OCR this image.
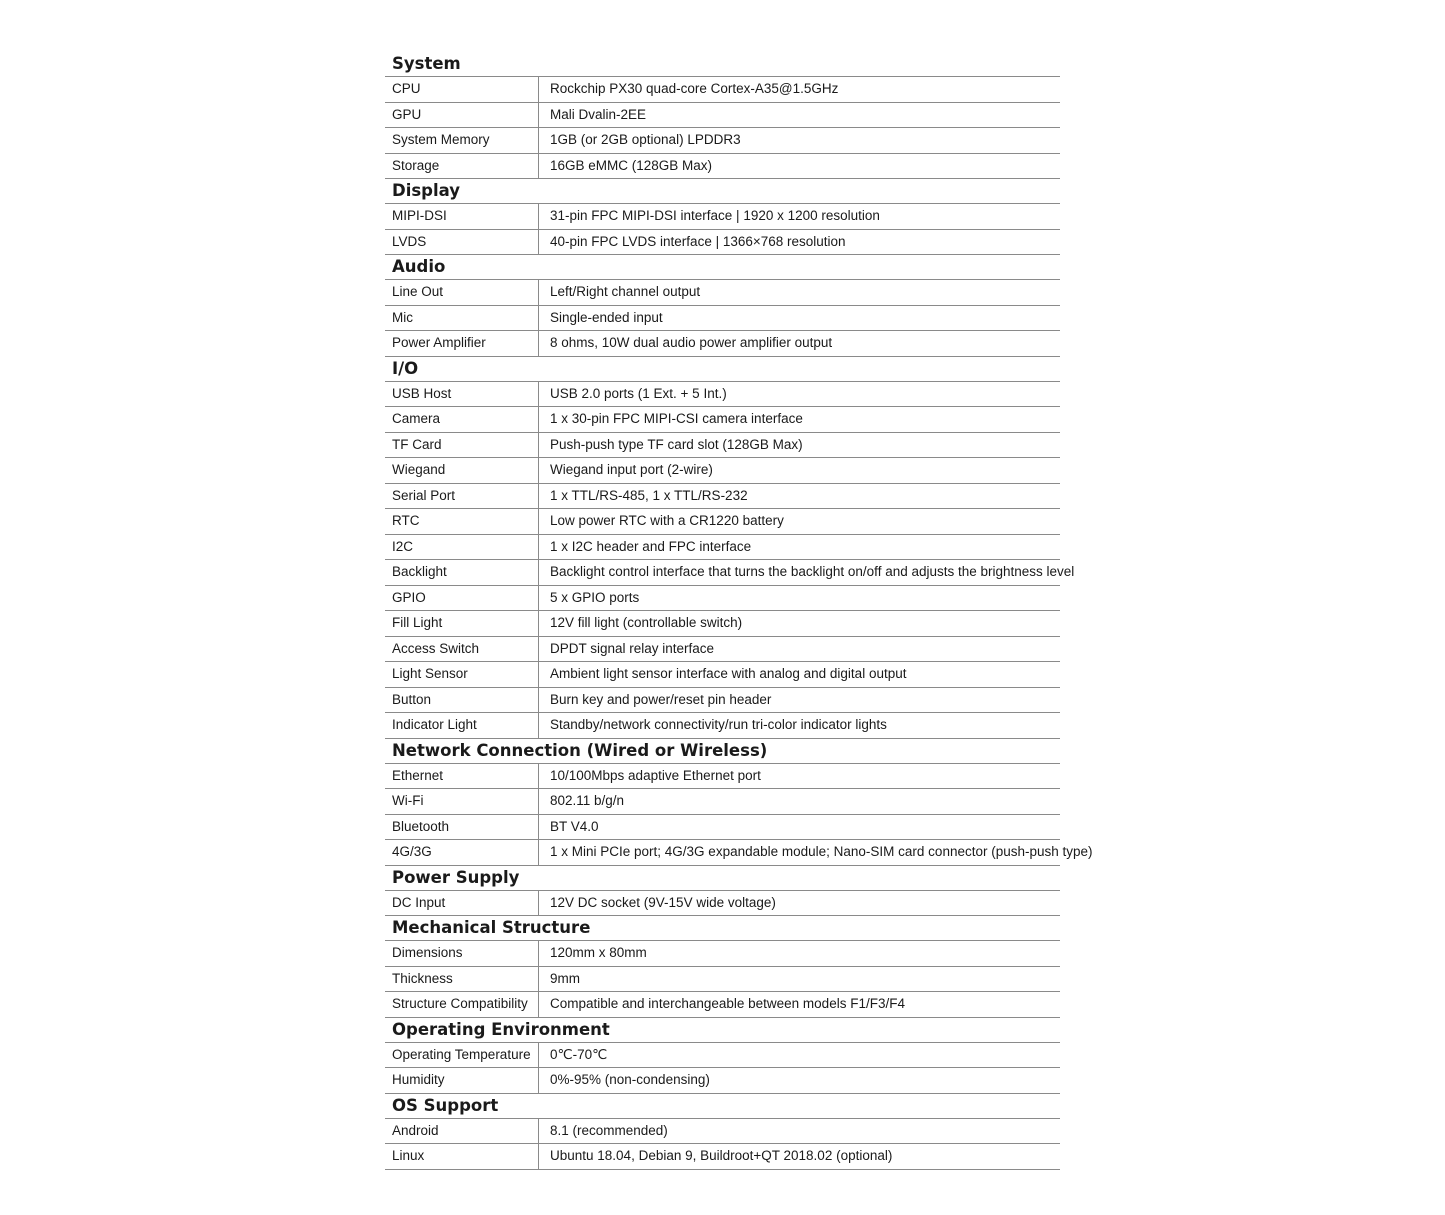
System
CPU	Rockchip PX30 quad-core Cortex-A35@1.5GHz
GPU	Mali Dvalin-2EE
System Memory	1GB (or 2GB optional) LPDDR3
Storage	16GB eMMC (128GB Max)
Display
MIPI-DSI	31-pin FPC MIPI-DSI interface | 1920 x 1200 resolution
LVDS	40-pin FPC LVDS interface | 1366×768 resolution
Audio
Line Out	Left/Right channel output
Mic	Single-ended input
Power Amplifier	8 ohms, 10W dual audio power amplifier output
I/O
USB Host	USB 2.0 ports (1 Ext. + 5 Int.)
Camera	1 x 30-pin FPC MIPI-CSI camera interface
TF Card	Push-push type TF card slot (128GB Max)
Wiegand	Wiegand input port (2-wire)
Serial Port	1 x TTL/RS-485, 1 x TTL/RS-232
RTC	Low power RTC with a CR1220 battery
I2C	1 x I2C header and FPC interface
Backlight	Backlight control interface that turns the backlight on/off and adjusts the brightness level
GPIO	5 x GPIO ports
Fill Light	12V fill light (controllable switch)
Access Switch	DPDT signal relay interface
Light Sensor	Ambient light sensor interface with analog and digital output
Button	Burn key and power/reset pin header
Indicator Light	Standby/network connectivity/run tri-color indicator lights
Network Connection (Wired or Wireless)
Ethernet	10/100Mbps adaptive Ethernet port
Wi-Fi	802.11 b/g/n
Bluetooth	BT V4.0
4G/3G	1 x Mini PCIe port; 4G/3G expandable module; Nano-SIM card connector (push-push type)
Power Supply
DC Input	12V DC socket (9V-15V wide voltage)
Mechanical Structure
Dimensions	120mm x 80mm
Thickness	9mm
Structure Compatibility	Compatible and interchangeable between models F1/F3/F4
Operating Environment
Operating Temperature	0℃-70℃
Humidity	0%-95% (non-condensing)
OS Support
Android	8.1 (recommended)
Linux	Ubuntu 18.04, Debian 9, Buildroot+QT 2018.02 (optional)
